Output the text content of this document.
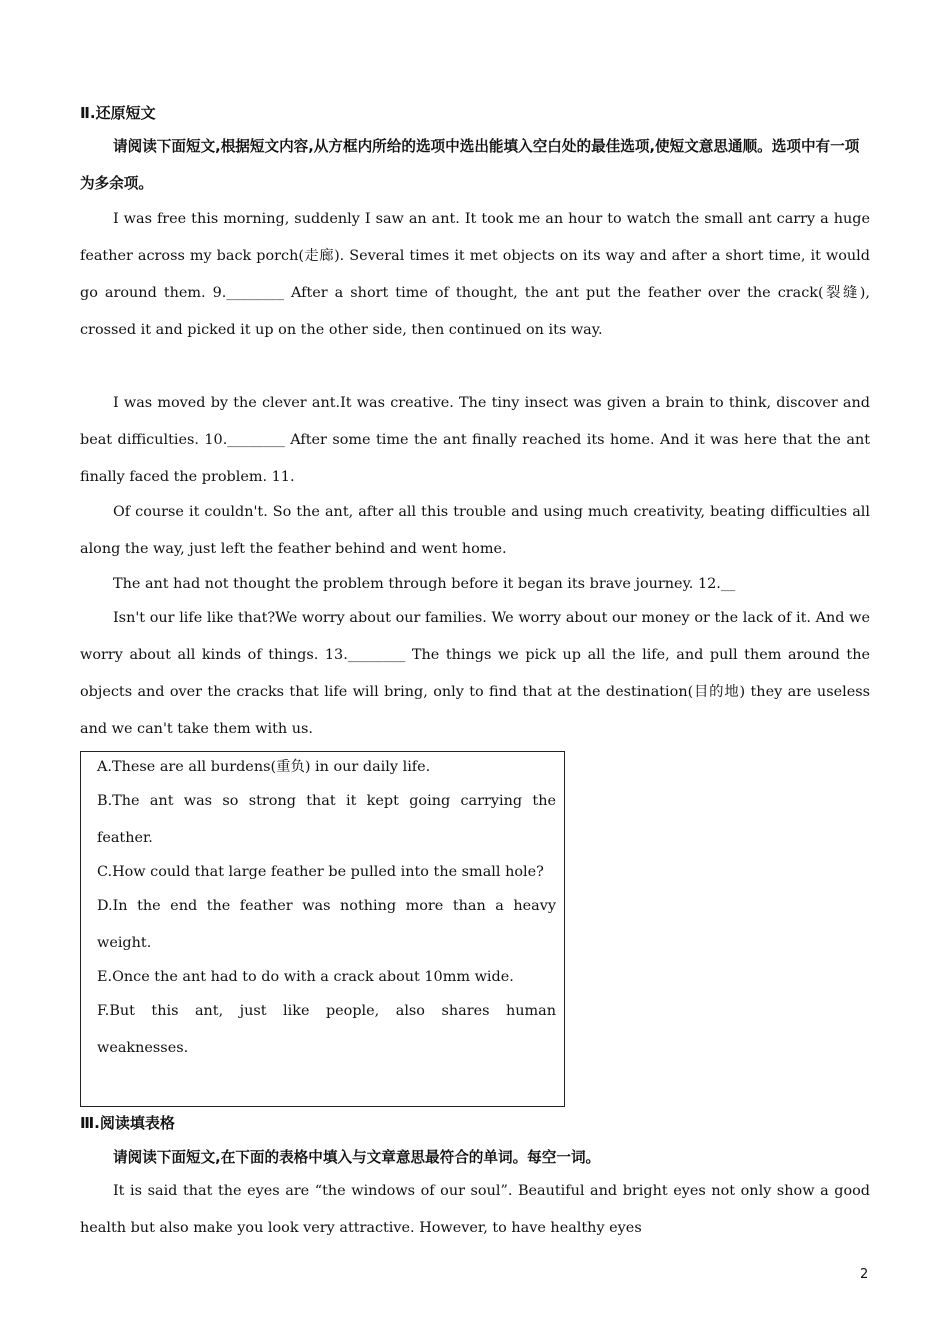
Ⅱ.还原短文
请阅读下面短文,根据短文内容,从方框内所给的选项中选出能填入空白处的最佳选项,使短文意思通顺。选项中有一项为多余项。
I was free this morning, suddenly I saw an ant. It took me an hour to watch the small ant carry a huge feather across my back porch(走廊). Several times it met objects on its way and after a short time, it would go around them. 9.________ After a short time of thought, the ant put the feather over the crack(裂缝), crossed it and picked it up on the other side, then continued on its way.
I was moved by the clever ant.It was creative. The tiny insect was given a brain to think, discover and beat difficulties. 10.________ After some time the ant finally reached its home. And it was here that the ant finally faced the problem. 11.
Of course it couldn't. So the ant, after all this trouble and using much creativity, beating difficulties all along the way, just left the feather behind and went home.
The ant had not thought the problem through before it began its brave journey. 12.__
Isn't our life like that?We worry about our families. We worry about our money or the lack of it. And we worry about all kinds of things. 13.________ The things we pick up all the life, and pull them around the objects and over the cracks that life will bring, only to find that at the destination(目的地) they are useless and we can't take them with us.
A.These are all burdens(重负) in our daily life.
B.The ant was so strong that it kept going carrying the feather.
C.How could that large feather be pulled into the small hole?
D.In the end the feather was nothing more than a heavy weight.
E.Once the ant had to do with a crack about 10mm wide.
F.But this ant, just like people, also shares human weaknesses.
Ⅲ.阅读填表格
请阅读下面短文,在下面的表格中填入与文章意思最符合的单词。每空一词。
It is said that the eyes are “the windows of our soul”. Beautiful and bright eyes not only show a good health but also make you look very attractive. However, to have healthy eyes
2
